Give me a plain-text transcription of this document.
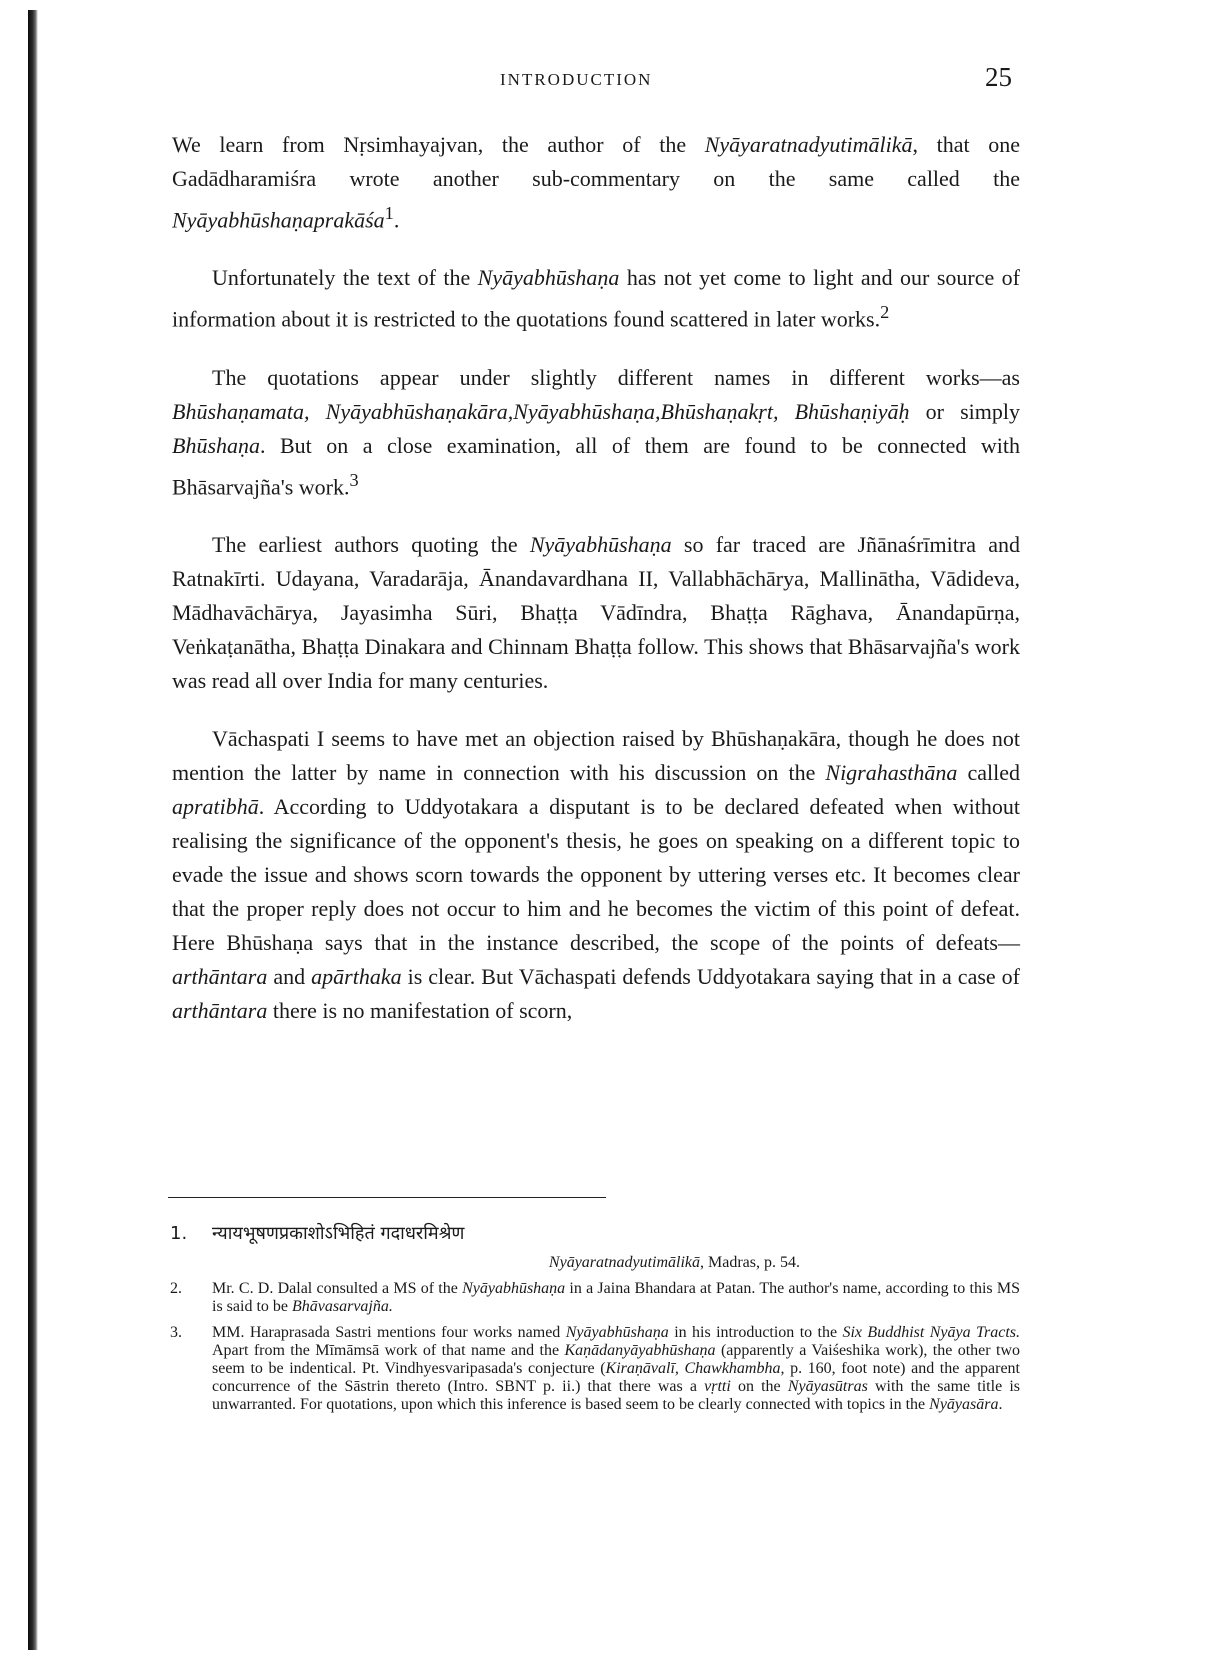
INTRODUCTION	25

We learn from Nṛsimhayajvan, the author of the Nyāyaratnadyutimālikā, that one Gadādharamiśra wrote another sub-commentary on the same called the Nyāyabhūshaṇaprakāśa$^1$.

Unfortunately the text of the Nyāyabhūshaṇa has not yet come to light and our source of information about it is restricted to the quotations found scattered in later works.$^2$

The quotations appear under slightly different names in different works—as Bhūshaṇamata, Nyāyabhūshaṇakāra,Nyāyabhūshaṇa,Bhūshaṇakṛt, Bhūshaṇiyāḥ or simply Bhūshaṇa. But on a close examination, all of them are found to be connected with Bhāsarvajña's work.$^3$

The earliest authors quoting the Nyāyabhūshaṇa so far traced are Jñānaśrīmitra and Ratnakīrti. Udayana, Varadarāja, Ānandavardhana II, Vallabhāchārya, Mallinātha, Vādideva, Mādhavāchārya, Jayasimha Sūri, Bhaṭṭa Vādīndra, Bhaṭṭa Rāghava, Ānandapūrṇa, Veṅkaṭanātha, Bhaṭṭa Dinakara and Chinnam Bhaṭṭa follow. This shows that Bhāsarvajña's work was read all over India for many centuries.

Vāchaspati I seems to have met an objection raised by Bhūshaṇakāra, though he does not mention the latter by name in connection with his discussion on the Nigrahasthāna called apratibhā. According to Uddyotakara a disputant is to be declared defeated when without realising the significance of the opponent's thesis, he goes on speaking on a different topic to evade the issue and shows scorn towards the opponent by uttering verses etc. It becomes clear that the proper reply does not occur to him and he becomes the victim of this point of defeat. Here Bhūshaṇa says that in the instance described, the scope of the points of defeats—arthāntara and apārthaka is clear. But Vāchaspati defends Uddyotakara saying that in a case of arthāntara there is no manifestation of scorn,

1. न्यायभूषणप्रकाशोऽभिहितं गदाधरमिश्रेण
Nyāyaratnadyutimālikā, Madras, p. 54.
2. Mr. C. D. Dalal consulted a MS of the Nyāyabhūshaṇa in a Jaina Bhandara at Patan. The author's name, according to this MS is said to be Bhāvasarvajña.
3. MM. Haraprasada Sastri mentions four works named Nyāyabhūshaṇa in his introduction to the Six Buddhist Nyāya Tracts. Apart from the Mīmāmsā work of that name and the Kaṇādanyāyabhūshaṇa (apparently a Vaiśeshika work), the other two seem to be indentical. Pt. Vindhyesvaripasada's conjecture (Kiraṇāvalī, Chawkhambha, p. 160, foot note) and the apparent concurrence of the Sāstrin thereto (Intro. SBNT p. ii.) that there was a vṛtti on the Nyāyasūtras with the same title is unwarranted. For quotations, upon which this inference is based seem to be clearly connected with topics in the Nyāyasāra.
